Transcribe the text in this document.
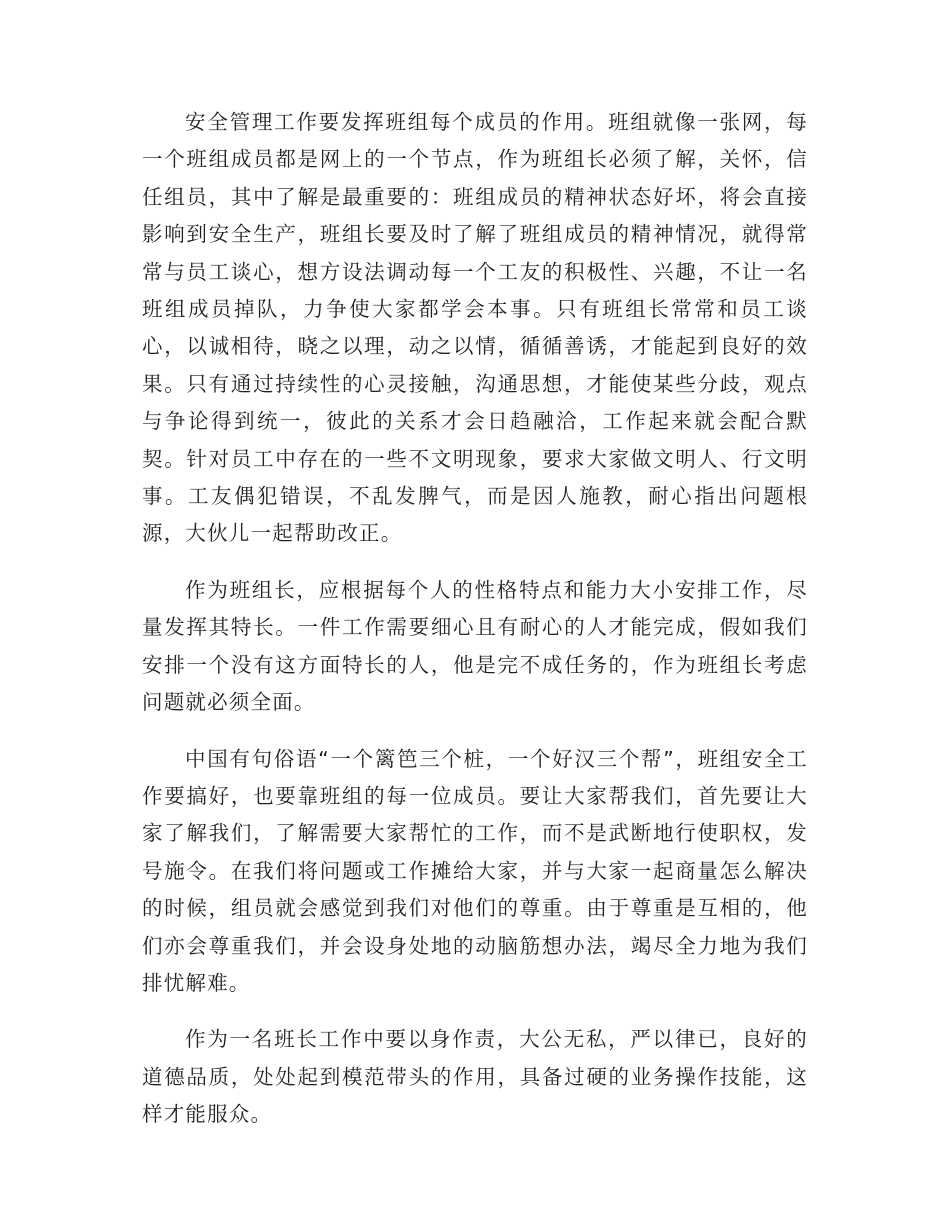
安全管理工作要发挥班组每个成员的作用。班组就像一张网，每一个班组成员都是网上的一个节点，作为班组长必须了解，关怀，信任组员，其中了解是最重要的：班组成员的精神状态好坏，将会直接影响到安全生产，班组长要及时了解了班组成员的精神情况，就得常常与员工谈心，想方设法调动每一个工友的积极性、兴趣，不让一名班组成员掉队，力争使大家都学会本事。只有班组长常常和员工谈心，以诚相待，晓之以理，动之以情，循循善诱，才能起到良好的效果。只有通过持续性的心灵接触，沟通思想，才能使某些分歧，观点与争论得到统一，彼此的关系才会日趋融洽，工作起来就会配合默契。针对员工中存在的一些不文明现象，要求大家做文明人、行文明事。工友偶犯错误，不乱发脾气，而是因人施教，耐心指出问题根源，大伙儿一起帮助改正。

作为班组长，应根据每个人的性格特点和能力大小安排工作，尽量发挥其特长。一件工作需要细心且有耐心的人才能完成，假如我们安排一个没有这方面特长的人，他是完不成任务的，作为班组长考虑问题就必须全面。

中国有句俗语“一个篱笆三个桩，一个好汉三个帮”，班组安全工作要搞好，也要靠班组的每一位成员。要让大家帮我们，首先要让大家了解我们，了解需要大家帮忙的工作，而不是武断地行使职权，发号施令。在我们将问题或工作摊给大家，并与大家一起商量怎么解决的时候，组员就会感觉到我们对他们的尊重。由于尊重是互相的，他们亦会尊重我们，并会设身处地的动脑筋想办法，竭尽全力地为我们排忧解难。

作为一名班长工作中要以身作责，大公无私，严以律已，良好的道德品质，处处起到模范带头的作用，具备过硬的业务操作技能，这样才能服众。
